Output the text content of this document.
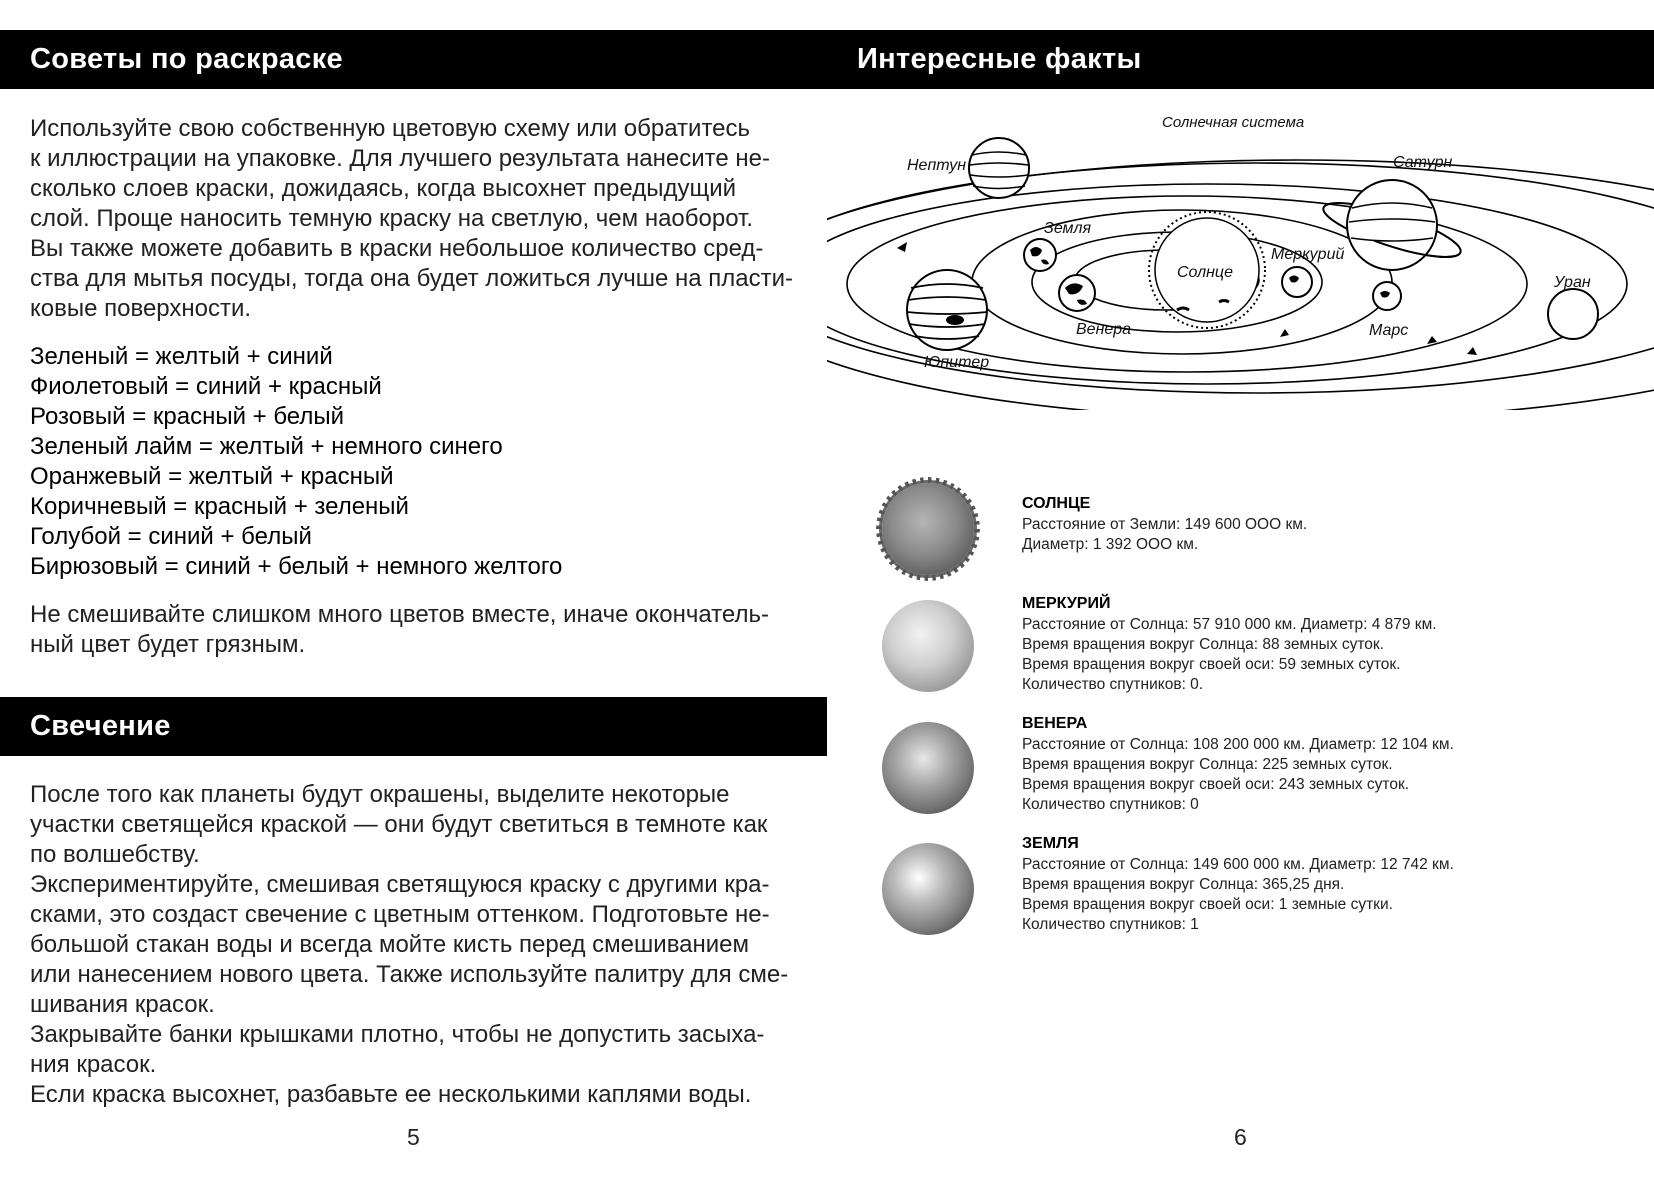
Советы по раскраске
Используйте свою собственную цветовую схему или обратитесь
к иллюстрации на упаковке. Для лучшего результата нанесите не-
сколько слоев краски, дожидаясь, когда высохнет предыдущий
слой. Проще наносить темную краску на светлую, чем наоборот.
Вы также можете добавить в краски небольшое количество сред-
ства для мытья посуды, тогда она будет ложиться лучше на пласти-
ковые поверхности.
Зеленый = желтый + синий
Фиолетовый = синий + красный
Розовый = красный + белый
Зеленый лайм = желтый + немного синего
Оранжевый = желтый + красный
Коричневый = красный + зеленый
Голубой = синий + белый
Бирюзовый = синий + белый + немного желтого
Не смешивайте слишком много цветов вместе, иначе окончатель-
ный цвет будет грязным.
Свечение
После того как планеты будут окрашены, выделите некоторые
участки светящейся краской — они будут светиться в темноте как
по волшебству.
Экспериментируйте, смешивая светящуюся краску с другими кра-
сками, это создаст свечение с цветным оттенком. Подготовьте не-
большой стакан воды и всегда мойте кисть перед смешиванием
или нанесением нового цвета. Также используйте палитру для сме-
шивания красок.
Закрывайте банки крышками плотно, чтобы не допустить засыха-
ния красок.
Если краска высохнет, разбавьте ее несколькими каплями воды.
5
Интересные факты
Солнечная система
Нептун	Сатурн
Земля
Меркурий
Солнце
Уран
Венера	Марс
Юпитер
СОЛНЦЕ
Расстояние от Земли: 149 600 ООО км.
Диаметр: 1 392 ООО км.
МЕРКУРИЙ
Расстояние от Солнца: 57 910 000 км. Диаметр: 4 879 км.
Время вращения вокруг Солнца: 88 земных суток.
Время вращения вокруг своей оси: 59 земных суток.
Количество спутников: 0.
ВЕНЕРА
Расстояние от Солнца: 108 200 000 км. Диаметр: 12 104 км.
Время вращения вокруг Солнца: 225 земных суток.
Время вращения вокруг своей оси: 243 земных суток.
Количество спутников: 0
ЗЕМЛЯ
Расстояние от Солнца: 149 600 000 км. Диаметр: 12 742 км.
Время вращения вокруг Солнца: 365,25 дня.
Время вращения вокруг своей оси: 1 земные сутки.
Количество спутников: 1
6
